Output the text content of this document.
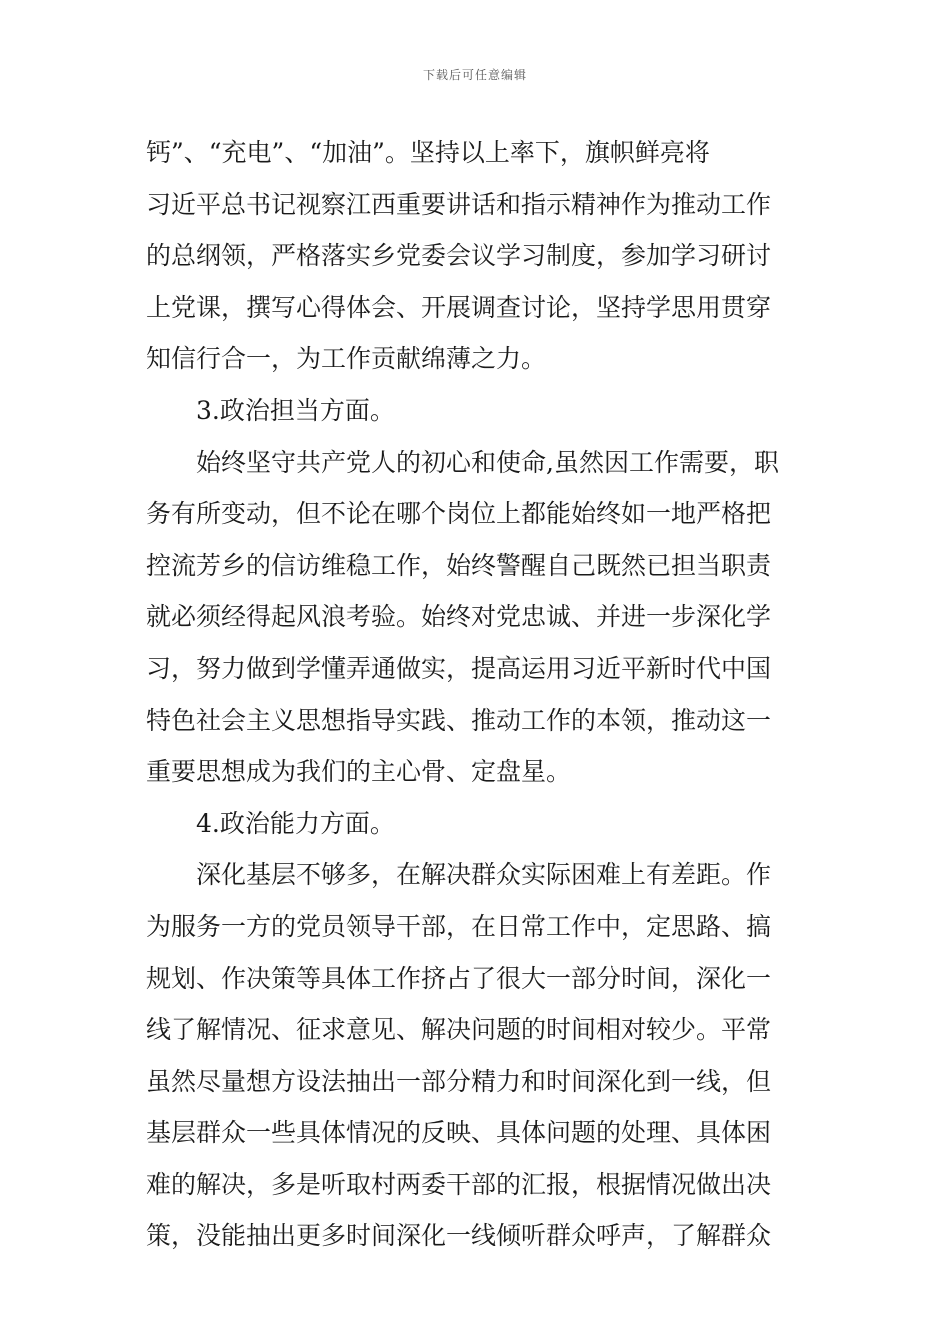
下载后可任意编辑
钙”、“充电”、“加油”。坚持以上率下，旗帜鲜亮将
习近平总书记视察江西重要讲话和指示精神作为推动工作
的总纲领，严格落实乡党委会议学习制度，参加学习研讨
上党课，撰写心得体会、开展调查讨论，坚持学思用贯穿
知信行合一，为工作贡献绵薄之力。
3.政治担当方面。
始终坚守共产党人的初心和使命,虽然因工作需要，职
务有所变动，但不论在哪个岗位上都能始终如一地严格把
控流芳乡的信访维稳工作，始终警醒自己既然已担当职责
就必须经得起风浪考验。始终对党忠诚、并进一步深化学
习，努力做到学懂弄通做实，提高运用习近平新时代中国
特色社会主义思想指导实践、推动工作的本领，推动这一
重要思想成为我们的主心骨、定盘星。
4.政治能力方面。
深化基层不够多，在解决群众实际困难上有差距。作
为服务一方的党员领导干部，在日常工作中，定思路、搞
规划、作决策等具体工作挤占了很大一部分时间，深化一
线了解情况、征求意见、解决问题的时间相对较少。平常
虽然尽量想方设法抽出一部分精力和时间深化到一线，但
基层群众一些具体情况的反映、具体问题的处理、具体困
难的解决，多是听取村两委干部的汇报，根据情况做出决
策，没能抽出更多时间深化一线倾听群众呼声，了解群众
